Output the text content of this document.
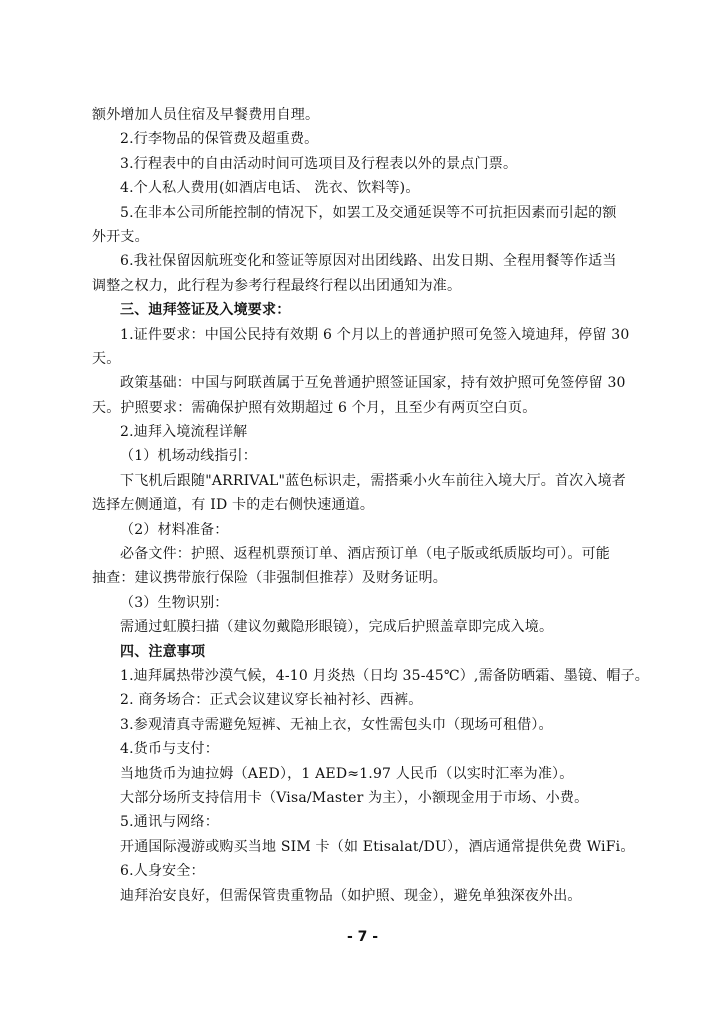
额外增加人员住宿及早餐费用自理。
2.行李物品的保管费及超重费。
3.行程表中的自由活动时间可选项目及行程表以外的景点门票。
4.个人私人费用(如酒店电话、 洗衣、饮料等)。
5.在非本公司所能控制的情况下，如罢工及交通延误等不可抗拒因素而引起的额
外开支。
6.我社保留因航班变化和签证等原因对出团线路、出发日期、全程用餐等作适当
调整之权力，此行程为参考行程最终行程以出团通知为准。
三、迪拜签证及入境要求：
1.证件要求：中国公民持有效期 6 个月以上的普通护照可免签入境迪拜，停留 30
天。
政策基础：中国与阿联酋属于互免普通护照签证国家，持有效护照可免签停留 30
天。护照要求：需确保护照有效期超过 6 个月，且至少有两页空白页。
2.迪拜入境流程详解
（1）机场动线指引：
下飞机后跟随"ARRIVAL"蓝色标识走，需搭乘小火车前往入境大厅。首次入境者
选择左侧通道，有 ID 卡的走右侧快速通道。
（2）材料准备：
必备文件：护照、返程机票预订单、酒店预订单（电子版或纸质版均可）。可能
抽查：建议携带旅行保险（非强制但推荐）及财务证明。
（3）生物识别：
需通过虹膜扫描（建议勿戴隐形眼镜），完成后护照盖章即完成入境。
四、注意事项
1.迪拜属热带沙漠气候，4-10 月炎热（日均 35-45℃）,需备防晒霜、墨镜、帽子。
2. 商务场合：正式会议建议穿长袖衬衫、西裤。
3.参观清真寺需避免短裤、无袖上衣，女性需包头巾（现场可租借）。
4.货币与支付：
当地货币为迪拉姆（AED），1 AED≈1.97 人民币（以实时汇率为准）。
大部分场所支持信用卡（Visa/Master 为主），小额现金用于市场、小费。
5.通讯与网络：
开通国际漫游或购买当地 SIM 卡（如 Etisalat/DU），酒店通常提供免费 WiFi。
6.人身安全：
迪拜治安良好，但需保管贵重物品（如护照、现金），避免单独深夜外出。
- 7 -
